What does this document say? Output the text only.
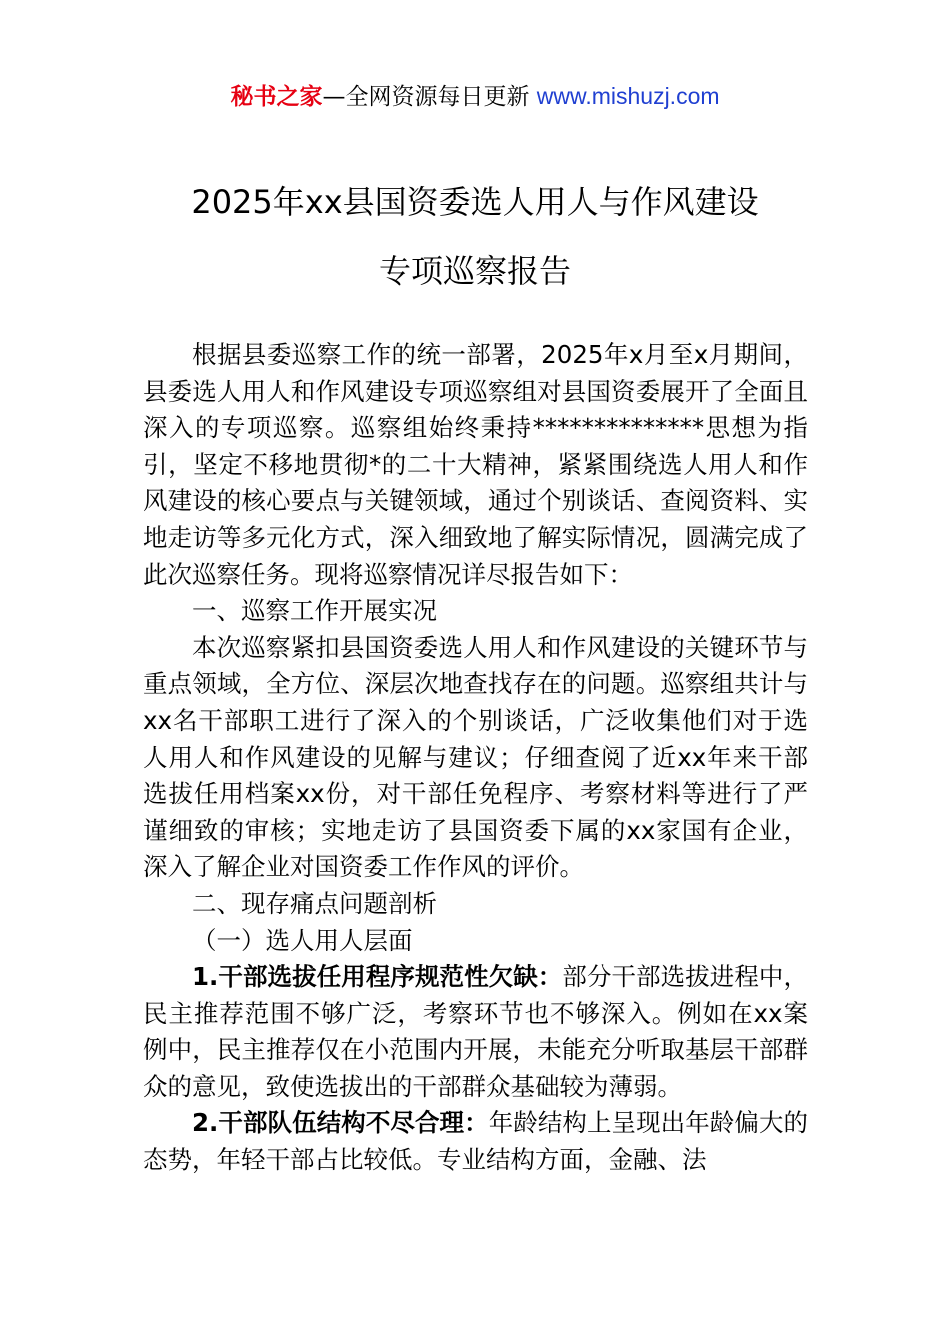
秘书之家—全网资源每日更新 www.mishuzj.com
2025年xx县国资委选人用人与作风建设
专项巡察报告

根据县委巡察工作的统一部署，2025年x月至x月期间，县委选人用人和作风建设专项巡察组对县国资委展开了全面且深入的专项巡察。巡察组始终秉持**************思想为指引，坚定不移地贯彻*的二十大精神，紧紧围绕选人用人和作风建设的核心要点与关键领域，通过个别谈话、查阅资料、实地走访等多元化方式，深入细致地了解实际情况，圆满完成了此次巡察任务。现将巡察情况详尽报告如下：

一、巡察工作开展实况

本次巡察紧扣县国资委选人用人和作风建设的关键环节与重点领域，全方位、深层次地查找存在的问题。巡察组共计与xx名干部职工进行了深入的个别谈话，广泛收集他们对于选人用人和作风建设的见解与建议；仔细查阅了近xx年来干部选拔任用档案xx份，对干部任免程序、考察材料等进行了严谨细致的审核；实地走访了县国资委下属的xx家国有企业，深入了解企业对国资委工作作风的评价。

二、现存痛点问题剖析

（一）选人用人层面

1.干部选拔任用程序规范性欠缺：部分干部选拔进程中，民主推荐范围不够广泛，考察环节也不够深入。例如在xx案例中，民主推荐仅在小范围内开展，未能充分听取基层干部群众的意见，致使选拔出的干部群众基础较为薄弱。

2.干部队伍结构不尽合理：年龄结构上呈现出年龄偏大的态势，年轻干部占比较低。专业结构方面，金融、法
